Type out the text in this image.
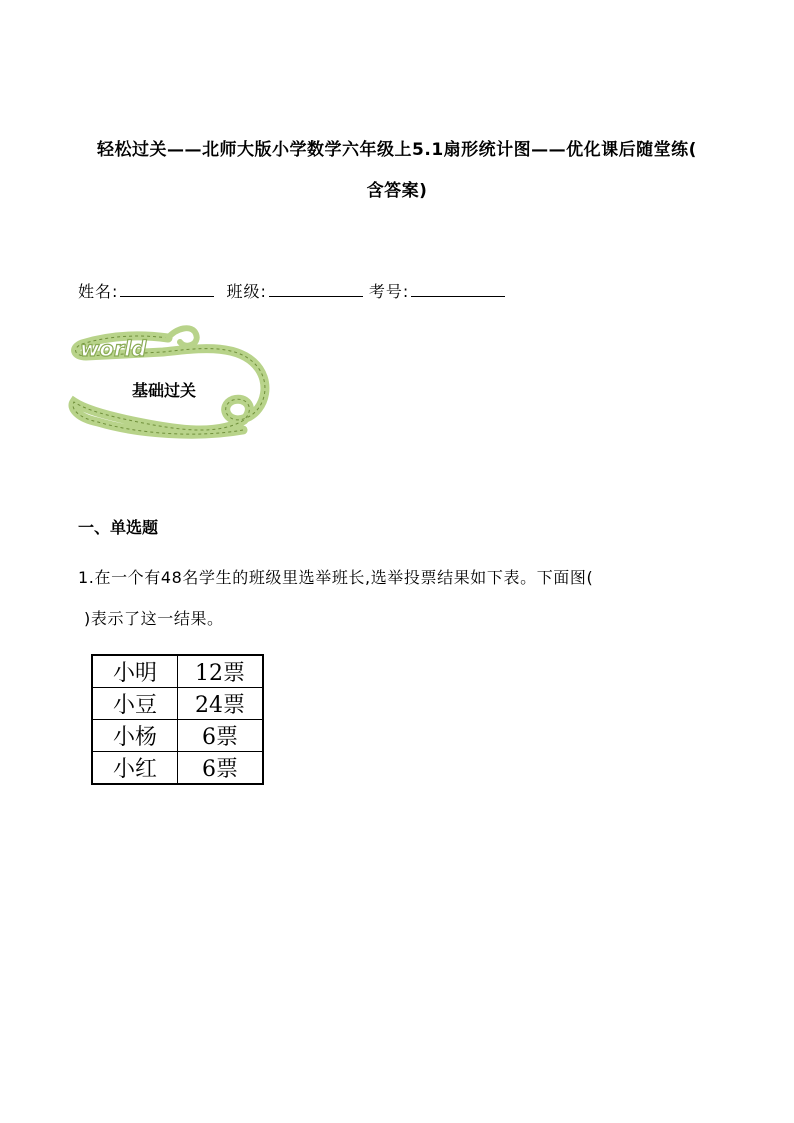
轻松过关——北师大版小学数学六年级上5.1扇形统计图——优化课后随堂练(
含答案)
姓名:	班级:	考号:
world
基础过关
一、单选题
1.在一个有48名学生的班级里选举班长,选举投票结果如下表。下面图(
)表示了这一结果。
小明	12票
小豆	24票
小杨	6票
小红	6票
